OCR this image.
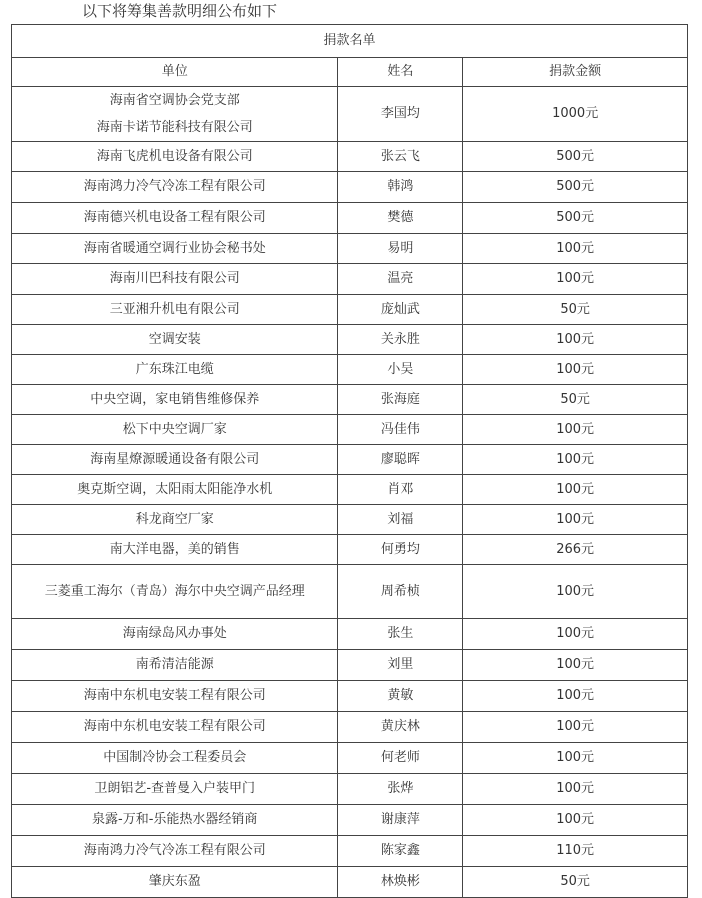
以下将筹集善款明细公布如下
捐款名单		
单位	姓名	捐款金额

海南省空调协会党支部
海南卡诺节能科技有限公司	李国均	1000元
海南飞虎机电设备有限公司	张云飞	500元
海南鸿力冷气冷冻工程有限公司	韩鸿	500元
海南德兴机电设备工程有限公司	樊德	500元
海南省暖通空调行业协会秘书处	易明	100元
海南川巴科技有限公司	温亮	100元
三亚湘升机电有限公司	庞灿武	50元
空调安装	关永胜	100元
广东珠江电缆	小吴	100元
中央空调，家电销售维修保养	张海庭	50元
松下中央空调厂家	冯佳伟	100元
海南星燎源暖通设备有限公司	廖聪晖	100元
奥克斯空调，太阳雨太阳能净水机	肖邓	100元
科龙商空厂家	刘福	100元
南大洋电器，美的销售	何勇均	266元
三菱重工海尔（青岛）海尔中央空调产品经理	周希桢	100元
海南绿岛风办事处	张生	100元
南希清洁能源	刘里	100元
海南中东机电安装工程有限公司	黄敏	100元
海南中东机电安装工程有限公司	黄庆林	100元
中国制冷协会工程委员会	何老师	100元
卫朗铝艺-查普曼入户装甲门	张烨	100元
泉露-万和-乐能热水器经销商	谢康萍	100元
海南鸿力冷气冷冻工程有限公司	陈家鑫	110元
肇庆东盈	林焕彬	50元
